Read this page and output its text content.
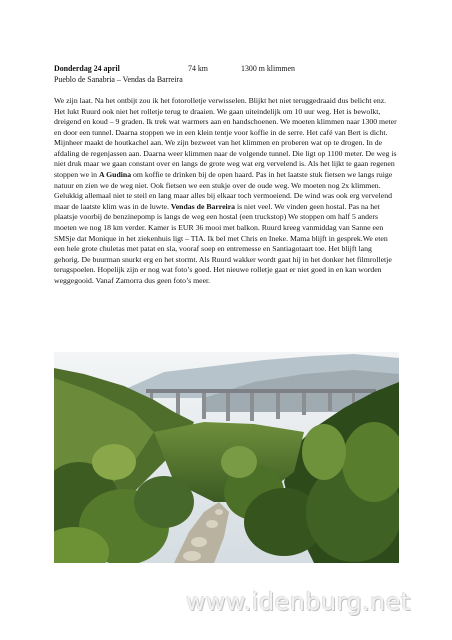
Donderdag 24 april	74 km	1300 m klimmen
Pueblo de Sanabria – Vendas da Barreira

We zijn laat. Na het ontbijt zou ik het fotorolletje verwisselen. Blijkt het niet teruggedraaid dus belicht enz. Het lukt Ruurd ook niet het rolletje terug te draaien. We gaan uiteindelijk om 10 uur weg. Het is bewolkt, dreigend en koud – 9 graden. Ik trek wat warmers aan en handschoenen. We moeten klimmen naar 1300 meter en door een tunnel. Daarna stoppen we in een klein tentje voor koffie in de serre. Het café van Bert is dicht. Mijnheer maakt de houtkachel aan. We zijn bezweet van het klimmen en proberen wat op te drogen. In de afdaling de regenjassen aan. Daarna weer klimmen naar de volgende tunnel. Die ligt op 1100 meter. De weg is niet druk maar we gaan constant over en langs de grote weg wat erg vervelend is. Als het lijkt te gaan regenen stoppen we in A Gudina om koffie te drinken bij de open haard. Pas in het laatste stuk fietsen we langs ruige natuur en zien we de weg niet. Ook fietsen we een stukje over de oude weg. We moeten nog 2x klimmen. Gelukkig allemaal niet te steil en lang maar alles bij elkaar toch vermoeiend. De wind was ook erg vervelend maar de laatste klim was in de luwte. Vendas de Barreira is niet veel. We vinden geen hostal. Pas na het plaatsje voorbij de benzinepomp is langs de weg een hostal (een truckstop) We stoppen om half 5 anders moeten we nog 18 km verder. Kamer is EUR 36 mooi met balkon. Ruurd kreeg vanmiddag van Sanne een SMSje dat Monique in het ziekenhuis ligt – TIA. Ik bel met Chris en Ineke. Mama blijft in gesprek.We eten een hele grote chuletas met patat en sla, vooraf soep en entremesse en Santiagotaart toe. Het blijft lang gehorig. De buurman snurkt erg en het stormt. Als Ruurd wakker wordt gaat hij in het donker het filmrolletje terugspoelen. Hopelijk zijn er nog wat foto’s goed. Het nieuwe rolletje gaat er niet goed in en kan worden weggegooid. Vanaf Zamorra dus geen foto’s meer.

www.idenburg.net
